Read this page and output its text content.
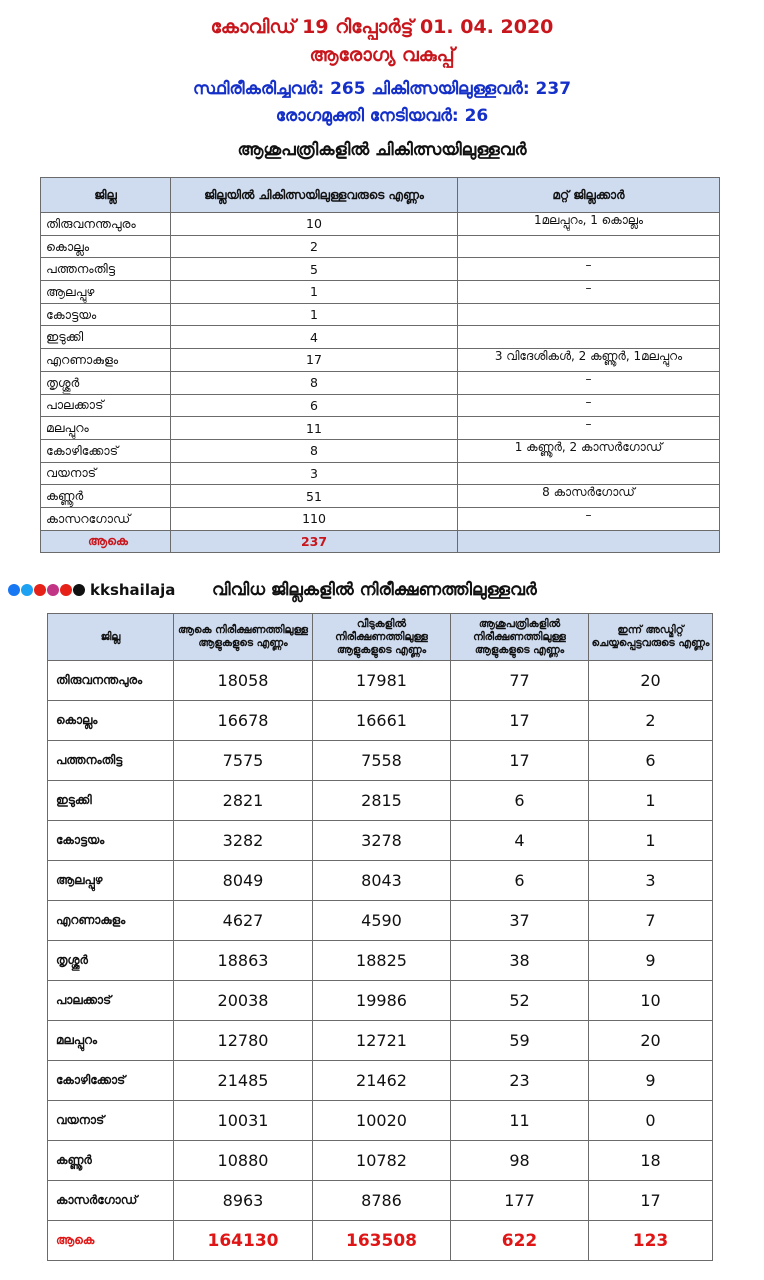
കോവിഡ് 19 റിപ്പോർട്ട് 01. 04. 2020
ആരോഗ്യ വകുപ്പ്
സ്ഥിരീകരിച്ചവർ: 265 ചികിത്സയിലുള്ളവർ: 237
രോഗമുക്തി നേടിയവർ: 26
ആശുപത്രികളിൽ ചികിത്സയിലുള്ളവർ
ജില്ല	ജില്ലയിൽ ചികിത്സയിലുള്ളവരുടെ എണ്ണം	മറ്റ് ജില്ലക്കാർ
തിരുവനന്തപുരം	10	1മലപ്പുറം, 1 കൊല്ലം
കൊല്ലം	2	
പത്തനംതിട്ട	5	–
ആലപ്പുഴ	1	–
കോട്ടയം	1	
ഇടുക്കി	4	
എറണാകുളം	17	3 വിദേശികൾ, 2 കണ്ണൂർ, 1മലപ്പുറം
തൃശ്ശൂർ	8	–
പാലക്കാട്	6	–
മലപ്പുറം	11	–
കോഴിക്കോട്	8	1 കണ്ണൂർ, 2 കാസർഗോഡ്
വയനാട്	3	
കണ്ണൂർ	51	8 കാസർഗോഡ്
കാസറഗോഡ്	110	–
ആകെ	237	
kkshailaja വിവിധ ജില്ലകളിൽ നിരീക്ഷണത്തിലുള്ളവർ
ജില്ല	ആകെ നിരീക്ഷണത്തിലുള്ള ആളുകളുടെ എണ്ണം	വീടുകളിൽ നിരീക്ഷണത്തിലുള്ള ആളുകളുടെ എണ്ണം	ആശുപത്രികളിൽ നിരീക്ഷണത്തിലുള്ള ആളുകളുടെ എണ്ണം	ഇന്ന് അഡ്മിറ്റ് ചെയ്യപ്പെട്ടവരുടെ എണ്ണം
തിരുവനന്തപുരം	18058	17981	77	20
കൊല്ലം	16678	16661	17	2
പത്തനംതിട്ട	7575	7558	17	6
ഇടുക്കി	2821	2815	6	1
കോട്ടയം	3282	3278	4	1
ആലപ്പുഴ	8049	8043	6	3
എറണാകുളം	4627	4590	37	7
തൃശ്ശൂർ	18863	18825	38	9
പാലക്കാട്	20038	19986	52	10
മലപ്പുറം	12780	12721	59	20
കോഴിക്കോട്	21485	21462	23	9
വയനാട്	10031	10020	11	0
കണ്ണൂർ	10880	10782	98	18
കാസർഗോഡ്	8963	8786	177	17
ആകെ	164130	163508	622	123
